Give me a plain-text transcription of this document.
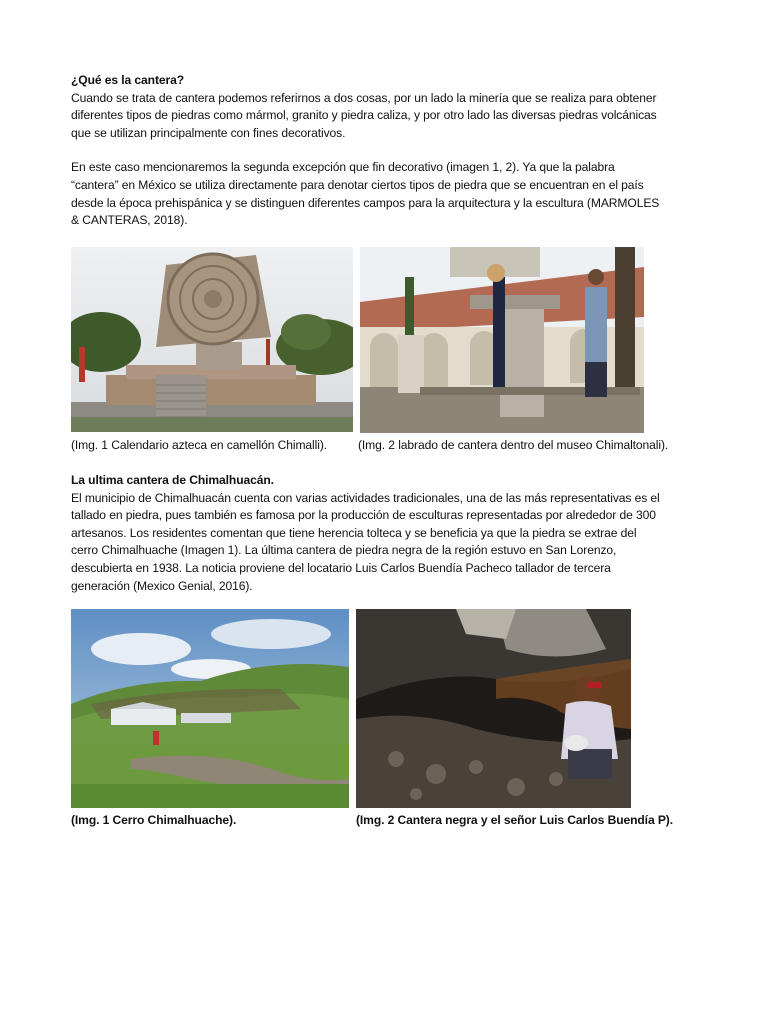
¿Qué es la cantera?

Cuando se trata de cantera podemos referirnos a dos cosas, por un lado la minería que se realiza para obtener

diferentes tipos de piedras como mármol, granito y piedra caliza, y por otro lado las diversas piedras volcánicas

que se utilizan principalmente con fines decorativos.

En este caso mencionaremos la segunda excepción que fin decorativo (imagen 1, 2). Ya que la palabra

“cantera” en México se utiliza directamente para denotar ciertos tipos de piedra que se encuentran en el país

desde la época prehispánica y se distinguen diferentes campos para la arquitectura y la escultura (MARMOLES

& CANTERAS, 2018).

(Img. 1 Calendario azteca en camellón Chimalli).	(Img. 2 labrado de cantera dentro del museo Chimaltonali).

La ultima cantera de Chimalhuacán.

El municipio de Chimalhuacán cuenta con varias actividades tradicionales, una de las más representativas es el

tallado en piedra, pues también es famosa por la producción de esculturas representadas por alrededor de 300

artesanos. Los residentes comentan que tiene herencia tolteca y se beneficia ya que la piedra se extrae del

cerro Chimalhuache (Imagen 1). La última cantera de piedra negra de la región estuvo en San Lorenzo,

descubierta en 1938. La noticia proviene del locatario Luis Carlos Buendía Pacheco tallador de tercera

generación (Mexico Genial, 2016).

(Img. 1 Cerro Chimalhuache).	(Img. 2 Cantera negra y el señor Luis Carlos Buendía P).
